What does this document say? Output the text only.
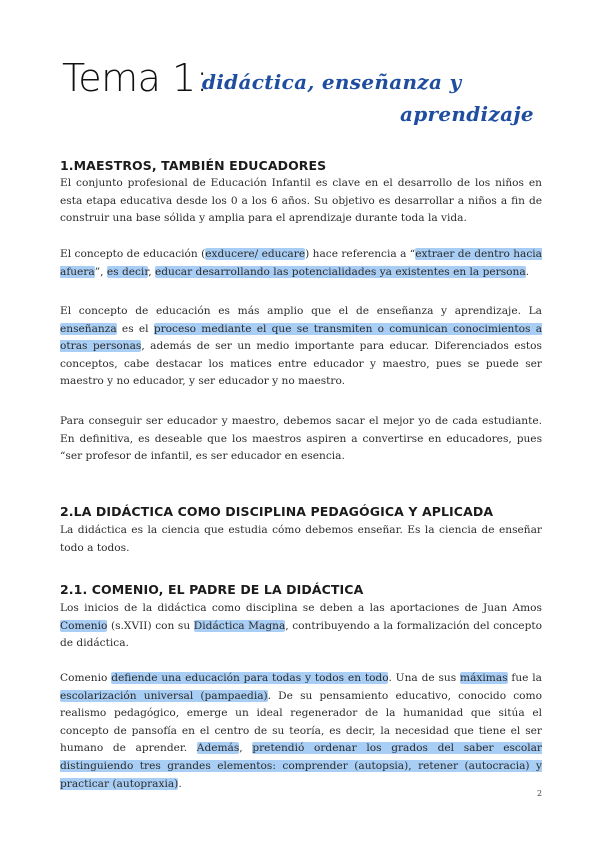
Tema 1:
didáctica, enseñanza y
aprendizaje
1.MAESTROS, TAMBIÉN EDUCADORES

El conjunto profesional de Educación Infantil es clave en el desarrollo de los niños en esta etapa educativa desde los 0 a los 6 años. Su objetivo es desarrollar a niños a fin de construir una base sólida y amplia para el aprendizaje durante toda la vida.

El concepto de educación (exducere/ educare) hace referencia a “extraer de dentro hacia afuera”, es decir, educar desarrollando las potencialidades ya existentes en la persona.

El concepto de educación es más amplio que el de enseñanza y aprendizaje. La enseñanza es el proceso mediante el que se transmiten o comunican conocimientos a otras personas, además de ser un medio importante para educar. Diferenciados estos conceptos, cabe destacar los matices entre educador y maestro, pues se puede ser maestro y no educador, y ser educador y no maestro.

Para conseguir ser educador y maestro, debemos sacar el mejor yo de cada estudiante. En definitiva, es deseable que los maestros aspiren a convertirse en educadores, pues “ser profesor de infantil, es ser educador en esencia.

2.LA DIDÁCTICA COMO DISCIPLINA PEDAGÓGICA Y APLICADA

La didáctica es la ciencia que estudia cómo debemos enseñar. Es la ciencia de enseñar todo a todos.

2.1. COMENIO, EL PADRE DE LA DIDÁCTICA

Los inicios de la didáctica como disciplina se deben a las aportaciones de Juan Amos Comenio (s.XVII) con su Didáctica Magna, contribuyendo a la formalización del concepto de didáctica.

Comenio defiende una educación para todas y todos en todo. Una de sus máximas fue la escolarización universal (pampaedia). De su pensamiento educativo, conocido como realismo pedagógico, emerge un ideal regenerador de la humanidad que sitúa el concepto de pansofía en el centro de su teoría, es decir, la necesidad que tiene el ser humano de aprender. Además, pretendió ordenar los grados del saber escolar distinguiendo tres grandes elementos: comprender (autopsia), retener (autocracia) y practicar (autopraxia).

2
